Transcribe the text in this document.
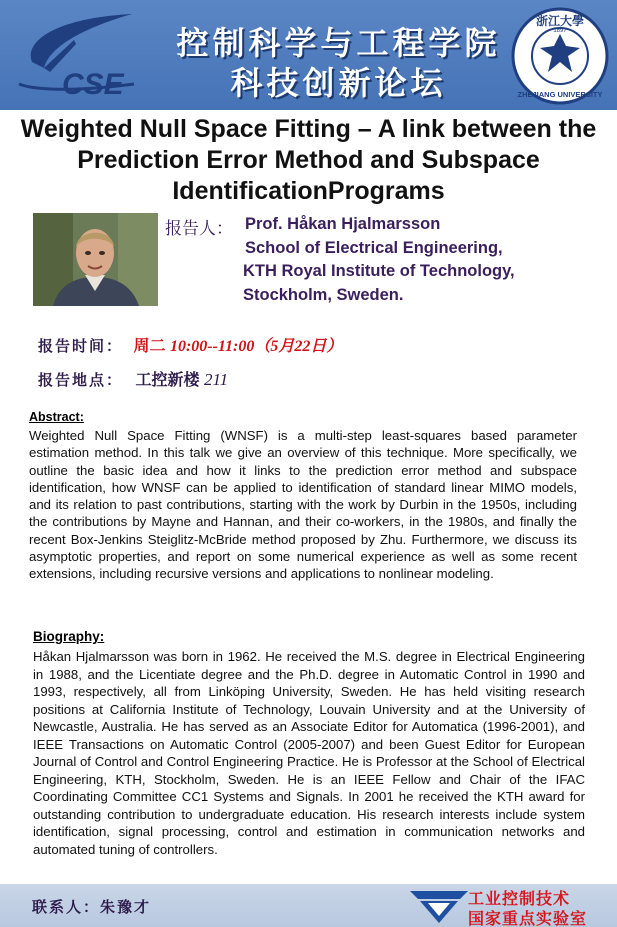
CSE
控制科学与工程学院
科技创新论坛
浙江大學
ZHEJIANG UNIVERSITY
1897
Weighted Null Space Fitting – A link between the
Prediction Error Method and Subspace
IdentificationPrograms
报告人： Prof. Håkan Hjalmarsson
School of Electrical Engineering,
KTH Royal Institute of Technology,
Stockholm, Sweden.
报告时间： 周二 10:00--11:00（5月22日）
报告地点： 工控新楼 211
Abstract:
Weighted Null Space Fitting (WNSF) is a multi-step least-squares based parameter estimation method. In this talk we give an overview of this technique. More specifically, we outline the basic idea and how it links to the prediction error method and subspace identification, how WNSF can be applied to identification of standard linear MIMO models, and its relation to past contributions, starting with the work by Durbin in the 1950s, including the contributions by Mayne and Hannan, and their co-workers, in the 1980s, and finally the recent Box-Jenkins Steiglitz-McBride method proposed by Zhu. Furthermore, we discuss its asymptotic properties, and report on some numerical experience as well as some recent extensions, including recursive versions and applications to nonlinear modeling.
Biography:
Håkan Hjalmarsson was born in 1962. He received the M.S. degree in Electrical Engineering in 1988, and the Licentiate degree and the Ph.D. degree in Automatic Control in 1990 and 1993, respectively, all from Linköping University, Sweden. He has held visiting research positions at California Institute of Technology, Louvain University and at the University of Newcastle, Australia. He has served as an Associate Editor for Automatica (1996-2001), and IEEE Transactions on Automatic Control (2005-2007) and been Guest Editor for European Journal of Control and Control Engineering Practice. He is Professor at the School of Electrical Engineering, KTH, Stockholm, Sweden. He is an IEEE Fellow and Chair of the IFAC Coordinating Committee CC1 Systems and Signals. In 2001 he received the KTH award for outstanding contribution to undergraduate education. His research interests include system identification, signal processing, control and estimation in communication networks and automated tuning of controllers.
联系人：朱豫才	工业控制技术
国家重点实验室
